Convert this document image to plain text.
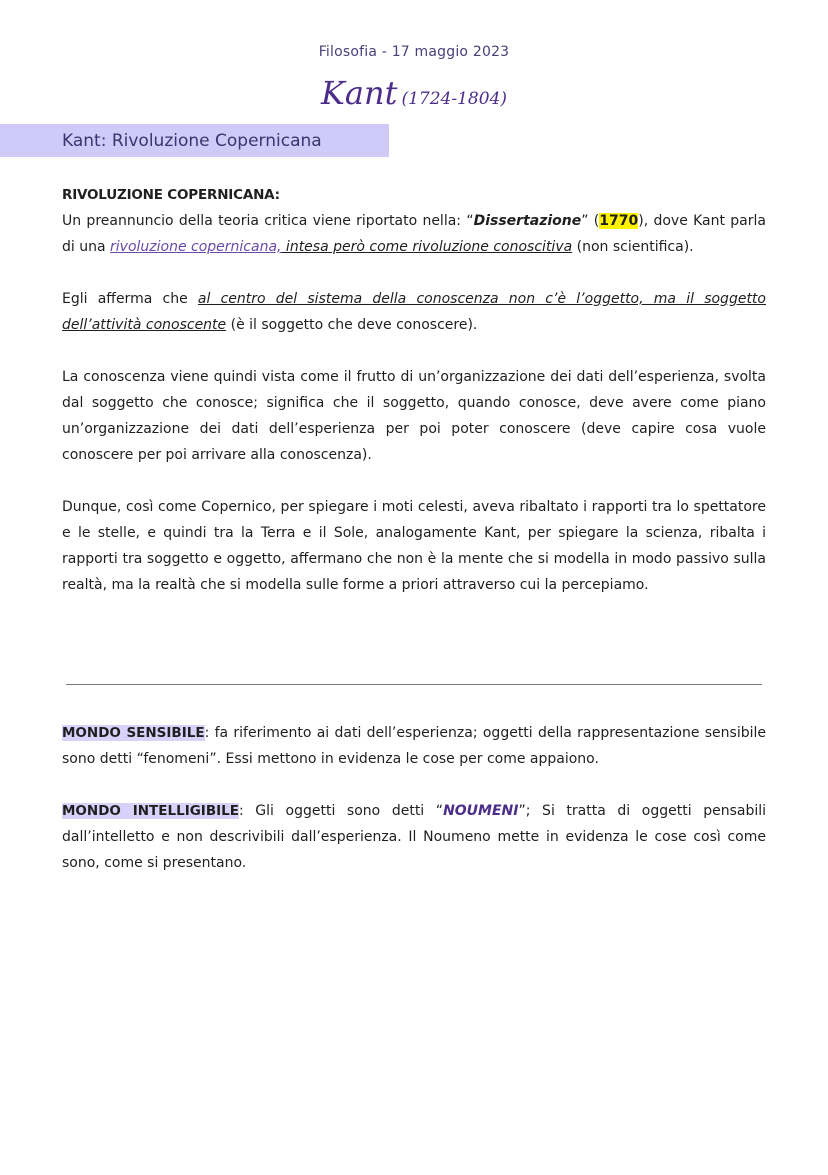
Filosofia - 17 maggio 2023
Kant (1724-1804)
Kant: Rivoluzione Copernicana

RIVOLUZIONE COPERNICANA:

Un preannuncio della teoria critica viene riportato nella: “Dissertazione” (1770), dove Kant parla di una rivoluzione copernicana, intesa però come rivoluzione conoscitiva (non scientifica).

Egli afferma che al centro del sistema della conoscenza non c’è l’oggetto, ma il soggetto dell’attività conoscente (è il soggetto che deve conoscere).

La conoscenza viene quindi vista come il frutto di un’organizzazione dei dati dell’esperienza, svolta dal soggetto che conosce; significa che il soggetto, quando conosce, deve avere come piano un’organizzazione dei dati dell’esperienza per poi poter conoscere (deve capire cosa vuole conoscere per poi arrivare alla conoscenza).

Dunque, così come Copernico, per spiegare i moti celesti, aveva ribaltato i rapporti tra lo spettatore e le stelle, e quindi tra la Terra e il Sole, analogamente Kant, per spiegare la scienza, ribalta i rapporti tra soggetto e oggetto, affermano che non è la mente che si modella in modo passivo sulla realtà, ma la realtà che si modella sulle forme a priori attraverso cui la percepiamo.

MONDO SENSIBILE: fa riferimento ai dati dell’esperienza; oggetti della rappresentazione sensibile sono detti “fenomeni”. Essi mettono in evidenza le cose per come appaiono.

MONDO INTELLIGIBILE: Gli oggetti sono detti “NOUMENI”; Si tratta di oggetti pensabili dall’intelletto e non descrivibili dall’esperienza. Il Noumeno mette in evidenza le cose così come sono, come si presentano.
